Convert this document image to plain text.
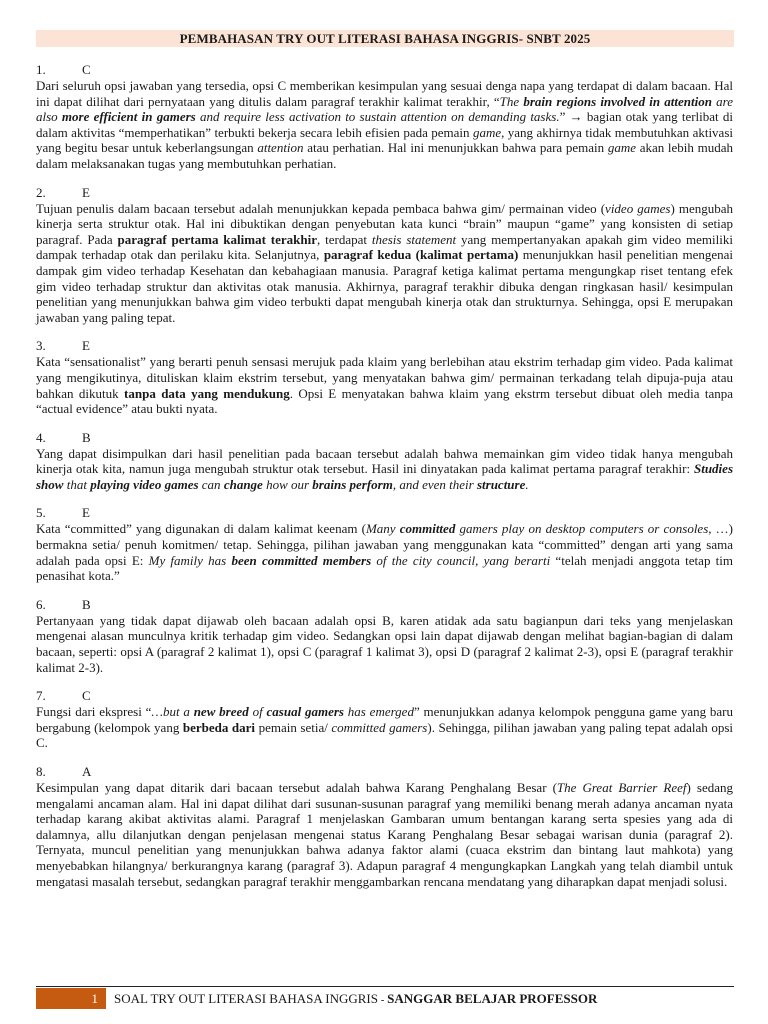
PEMBAHASAN TRY OUT LITERASI BAHASA INGGRIS- SNBT 2025
1.	C
Dari seluruh opsi jawaban yang tersedia, opsi C memberikan kesimpulan yang sesuai denga napa yang terdapat di dalam bacaan. Hal ini dapat dilihat dari pernyataan yang ditulis dalam paragraf terakhir kalimat terakhir, “The brain regions involved in attention are also more efficient in gamers and require less activation to sustain attention on demanding tasks.” → bagian otak yang terlibat di dalam aktivitas “memperhatikan” terbukti bekerja secara lebih efisien pada pemain game, yang akhirnya tidak membutuhkan aktivasi yang begitu besar untuk keberlangsungan attention atau perhatian. Hal ini menunjukkan bahwa para pemain game akan lebih mudah dalam melaksanakan tugas yang membutuhkan perhatian.
2.	E
Tujuan penulis dalam bacaan tersebut adalah menunjukkan kepada pembaca bahwa gim/ permainan video (video games) mengubah kinerja serta struktur otak. Hal ini dibuktikan dengan penyebutan kata kunci “brain” maupun “game” yang konsisten di setiap paragraf. Pada paragraf pertama kalimat terakhir, terdapat thesis statement yang mempertanyakan apakah gim video memiliki dampak terhadap otak dan perilaku kita. Selanjutnya, paragraf kedua (kalimat pertama) menunjukkan hasil penelitian mengenai dampak gim video terhadap Kesehatan dan kebahagiaan manusia. Paragraf ketiga kalimat pertama mengungkap riset tentang efek gim video terhadap struktur dan aktivitas otak manusia. Akhirnya, paragraf terakhir dibuka dengan ringkasan hasil/ kesimpulan penelitian yang menunjukkan bahwa gim video terbukti dapat mengubah kinerja otak dan strukturnya. Sehingga, opsi E merupakan jawaban yang paling tepat.
3.	E
Kata “sensationalist” yang berarti penuh sensasi merujuk pada klaim yang berlebihan atau ekstrim terhadap gim video. Pada kalimat yang mengikutinya, dituliskan klaim ekstrim tersebut, yang menyatakan bahwa gim/ permainan terkadang telah dipuja-puja atau bahkan dikutuk tanpa data yang mendukung. Opsi E menyatakan bahwa klaim yang ekstrm tersebut dibuat oleh media tanpa “actual evidence” atau bukti nyata.
4.	B
Yang dapat disimpulkan dari hasil penelitian pada bacaan tersebut adalah bahwa memainkan gim video tidak hanya mengubah kinerja otak kita, namun juga mengubah struktur otak tersebut. Hasil ini dinyatakan pada kalimat pertama paragraf terakhir: Studies show that playing video games can change how our brains perform, and even their structure.
5.	E
Kata “committed” yang digunakan di dalam kalimat keenam (Many committed gamers play on desktop computers or consoles, …) bermakna setia/ penuh komitmen/ tetap. Sehingga, pilihan jawaban yang menggunakan kata “committed” dengan arti yang sama adalah pada opsi E: My family has been committed members of the city council, yang berarti “telah menjadi anggota tetap tim penasihat kota.”
6.	B
Pertanyaan yang tidak dapat dijawab oleh bacaan adalah opsi B, karen atidak ada satu bagianpun dari teks yang menjelaskan mengenai alasan munculnya kritik terhadap gim video. Sedangkan opsi lain dapat dijawab dengan melihat bagian-bagian di dalam bacaan, seperti: opsi A (paragraf 2 kalimat 1), opsi C (paragraf 1 kalimat 3), opsi D (paragraf 2 kalimat 2-3), opsi E (paragraf terakhir kalimat 2-3).
7.	C
Fungsi dari ekspresi “…but a new breed of casual gamers has emerged” menunjukkan adanya kelompok pengguna game yang baru bergabung (kelompok yang berbeda dari pemain setia/ committed gamers). Sehingga, pilihan jawaban yang paling tepat adalah opsi C.
8.	A
Kesimpulan yang dapat ditarik dari bacaan tersebut adalah bahwa Karang Penghalang Besar (The Great Barrier Reef) sedang mengalami ancaman alam. Hal ini dapat dilihat dari susunan-susunan paragraf yang memiliki benang merah adanya ancaman nyata terhadap karang akibat aktivitas alami. Paragraf 1 menjelaskan Gambaran umum bentangan karang serta spesies yang ada di dalamnya, allu dilanjutkan dengan penjelasan mengenai status Karang Penghalang Besar sebagai warisan dunia (paragraf 2). Ternyata, muncul penelitian yang menunjukkan bahwa adanya faktor alami (cuaca ekstrim dan bintang laut mahkota) yang menyebabkan hilangnya/ berkurangnya karang (paragraf 3). Adapun paragraf 4 mengungkapkan Langkah yang telah diambil untuk mengatasi masalah tersebut, sedangkan paragraf terakhir menggambarkan rencana mendatang yang diharapkan dapat menjadi solusi.
1	SOAL TRY OUT LITERASI BAHASA INGGRIS - SANGGAR BELAJAR PROFESSOR
